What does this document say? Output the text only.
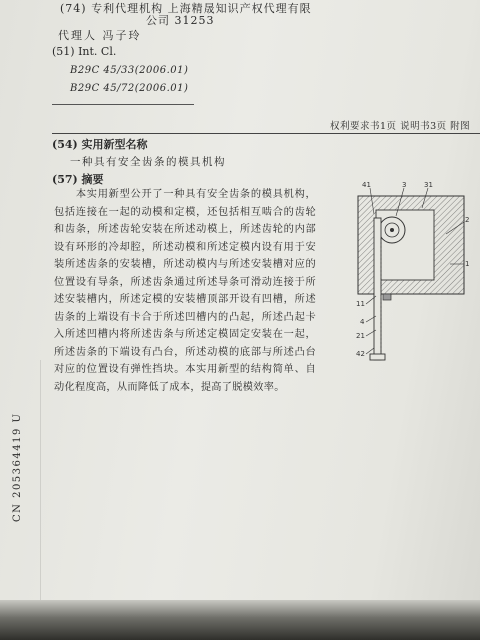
(74) 专利代理机构 上海精晟知识产权代理有限
公司 31253
代理人 冯子玲
(51) Int. Cl.
B29C 45/33(2006.01)
B29C 45/72(2006.01)
权利要求书1页 说明书3页 附图
(54) 实用新型名称
一种具有安全齿条的模具机构
(57) 摘要
　　本实用新型公开了一种具有安全齿条的模具机构，包括连接在一起的动模和定模，还包括相互啮合的齿轮和齿条，所述齿轮安装在所述动模上，所述齿轮的内部设有环形的冷却腔，所述动模和所述定模内设有用于安装所述齿条的安装槽，所述动模内与所述安装槽对应的位置设有导条，所述齿条通过所述导条可滑动连接于所述安装槽内，所述定模的安装槽顶部开设有凹槽，所述齿条的上端设有卡合于所述凹槽内的凸起，所述凸起卡入所述凹槽内将所述齿条与所述定模固定安装在一起，所述齿条的下端设有凸台，所述动模的底部与所述凸台对应的位置设有弹性挡块。本实用新型的结构简单、自动化程度高，从而降低了成本，提高了脱模效率。
41	3	31
2
1
11
4
21
42
CN 205364419 U
